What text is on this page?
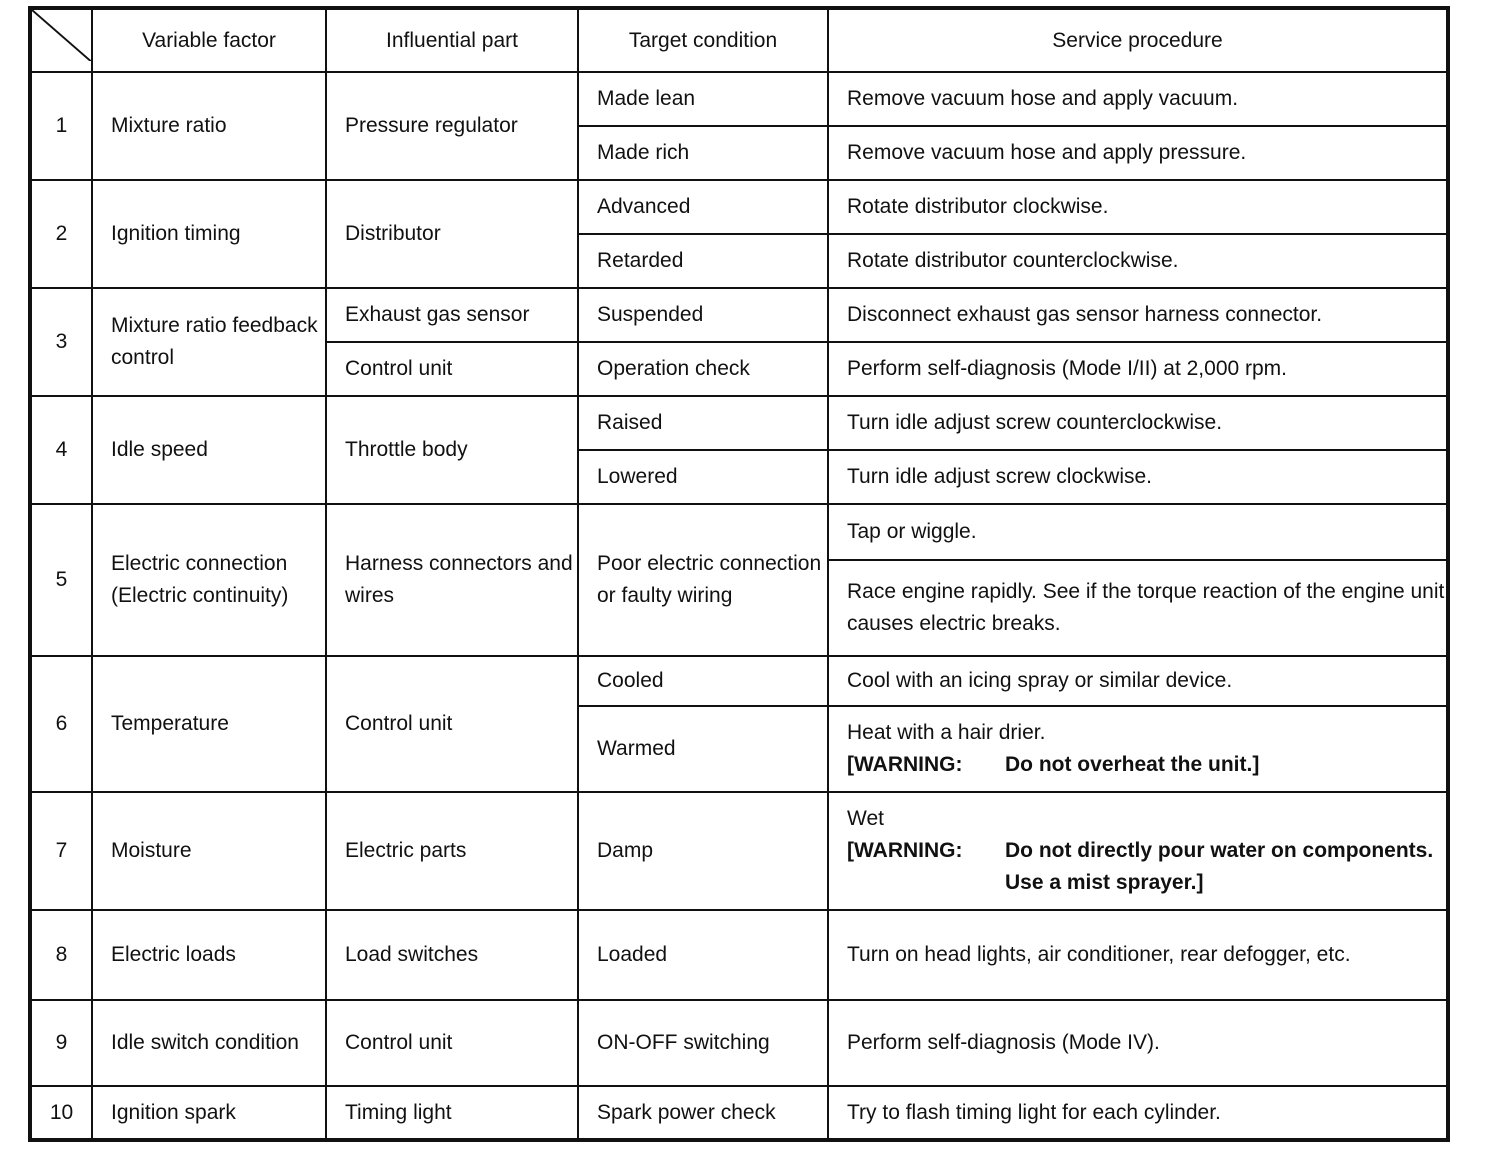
	Variable factor	Influential part	Target condition	Service procedure
1	Mixture ratio	Pressure regulator	Made lean	Remove vacuum hose and apply vacuum.
			Made rich	Remove vacuum hose and apply pressure.
2	Ignition timing	Distributor	Advanced	Rotate distributor clockwise.
			Retarded	Rotate distributor counterclockwise.
3	Mixture ratio feedback control	Exhaust gas sensor	Suspended	Disconnect exhaust gas sensor harness connector.
		Control unit	Operation check	Perform self-diagnosis (Mode I/II) at 2,000 rpm.
4	Idle speed	Throttle body	Raised	Turn idle adjust screw counterclockwise.
			Lowered	Turn idle adjust screw clockwise.
5	Electric connection (Electric continuity)	Harness connectors and wires	Poor electric connection or faulty wiring	Tap or wiggle.
				Race engine rapidly. See if the torque reaction of the engine unit causes electric breaks.
6	Temperature	Control unit	Cooled	Cool with an icing spray or similar device.
			Warmed	Heat with a hair drier.
[WARNING: Do not overheat the unit.]

7	Moisture	Electric parts	Damp	Wet
[WARNING: Do not directly pour water on components. Use a mist sprayer.]

8	Electric loads	Load switches	Loaded	Turn on head lights, air conditioner, rear defogger, etc.
9	Idle switch condition	Control unit	ON-OFF switching	Perform self-diagnosis (Mode IV).
10	Ignition spark	Timing light	Spark power check	Try to flash timing light for each cylinder.
